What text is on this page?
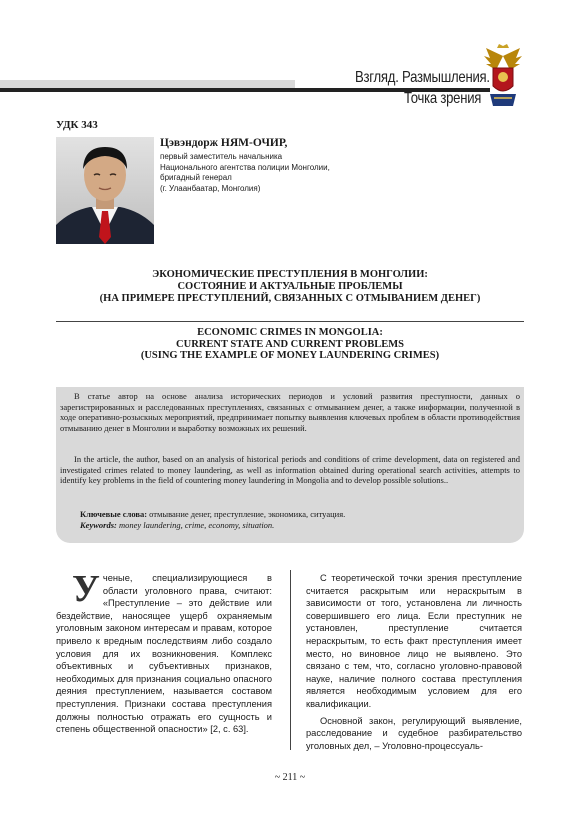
Взгляд. Размышления.
Точка зрения
УДК 343
Цэвэндорж НЯМ-ОЧИР,
первый заместитель начальника
Национального агентства полиции Монголии,
бригадный генерал
(г. Улаанбаатар, Монголия)
ЭКОНОМИЧЕСКИЕ ПРЕСТУПЛЕНИЯ В МОНГОЛИИ:
СОСТОЯНИЕ И АКТУАЛЬНЫЕ ПРОБЛЕМЫ
(НА ПРИМЕРЕ ПРЕСТУПЛЕНИЙ, СВЯЗАННЫХ С ОТМЫВАНИЕМ ДЕНЕГ)
ECONOMIC CRIMES IN MONGOLIA:
CURRENT STATE AND CURRENT PROBLEMS
(USING THE EXAMPLE OF MONEY LAUNDERING CRIMES)
В статье автор на основе анализа исторических периодов и условий развития преступности, данных о зарегистрированных и расследованных преступлениях, связанных с отмыванием денег, а также информации, полученной в ходе оперативно-розыскных мероприятий, предпринимает попытку выявления ключевых проблем в области противодействия отмыванию денег в Монголии и выработку возможных их решений.
In the article, the author, based on an analysis of historical periods and conditions of crime development, data on registered and investigated crimes related to money laundering, as well as information obtained during operational search activities, attempts to identify key problems in the field of countering money laundering in Mongolia and to develop possible solutions..
Ключевые слова: отмывание денег, преступление, экономика, ситуация.
Keywords: money laundering, crime, economy, situation.
Ученые, специализирующиеся в области уголовного права, считают: «Преступление – это действие или бездействие, наносящее ущерб охраняемым уголовным законом интересам и правам, которое привело к вредным последствиям либо создало условия для их возникновения. Комплекс объективных и субъективных признаков, необходимых для признания социально опасного деяния преступлением, называется составом преступления. Признаки состава преступления должны полностью отражать его сущность и степень общественной опасности» [2, с. 63].

С теоретической точки зрения преступление считается раскрытым или нераскрытым в зависимости от того, установлена ли личность совершившего его лица. Если преступник не установлен, преступление считается нераскрытым, то есть факт преступления имеет место, но виновное лицо не выявлено. Это связано с тем, что, согласно уголовно-правовой науке, наличие полного состава преступления является необходимым условием для его квалификации.

Основной закон, регулирующий выявление, расследование и судебное разбирательство уголовных дел, – Уголовно-процессуаль-

~ 211 ~
